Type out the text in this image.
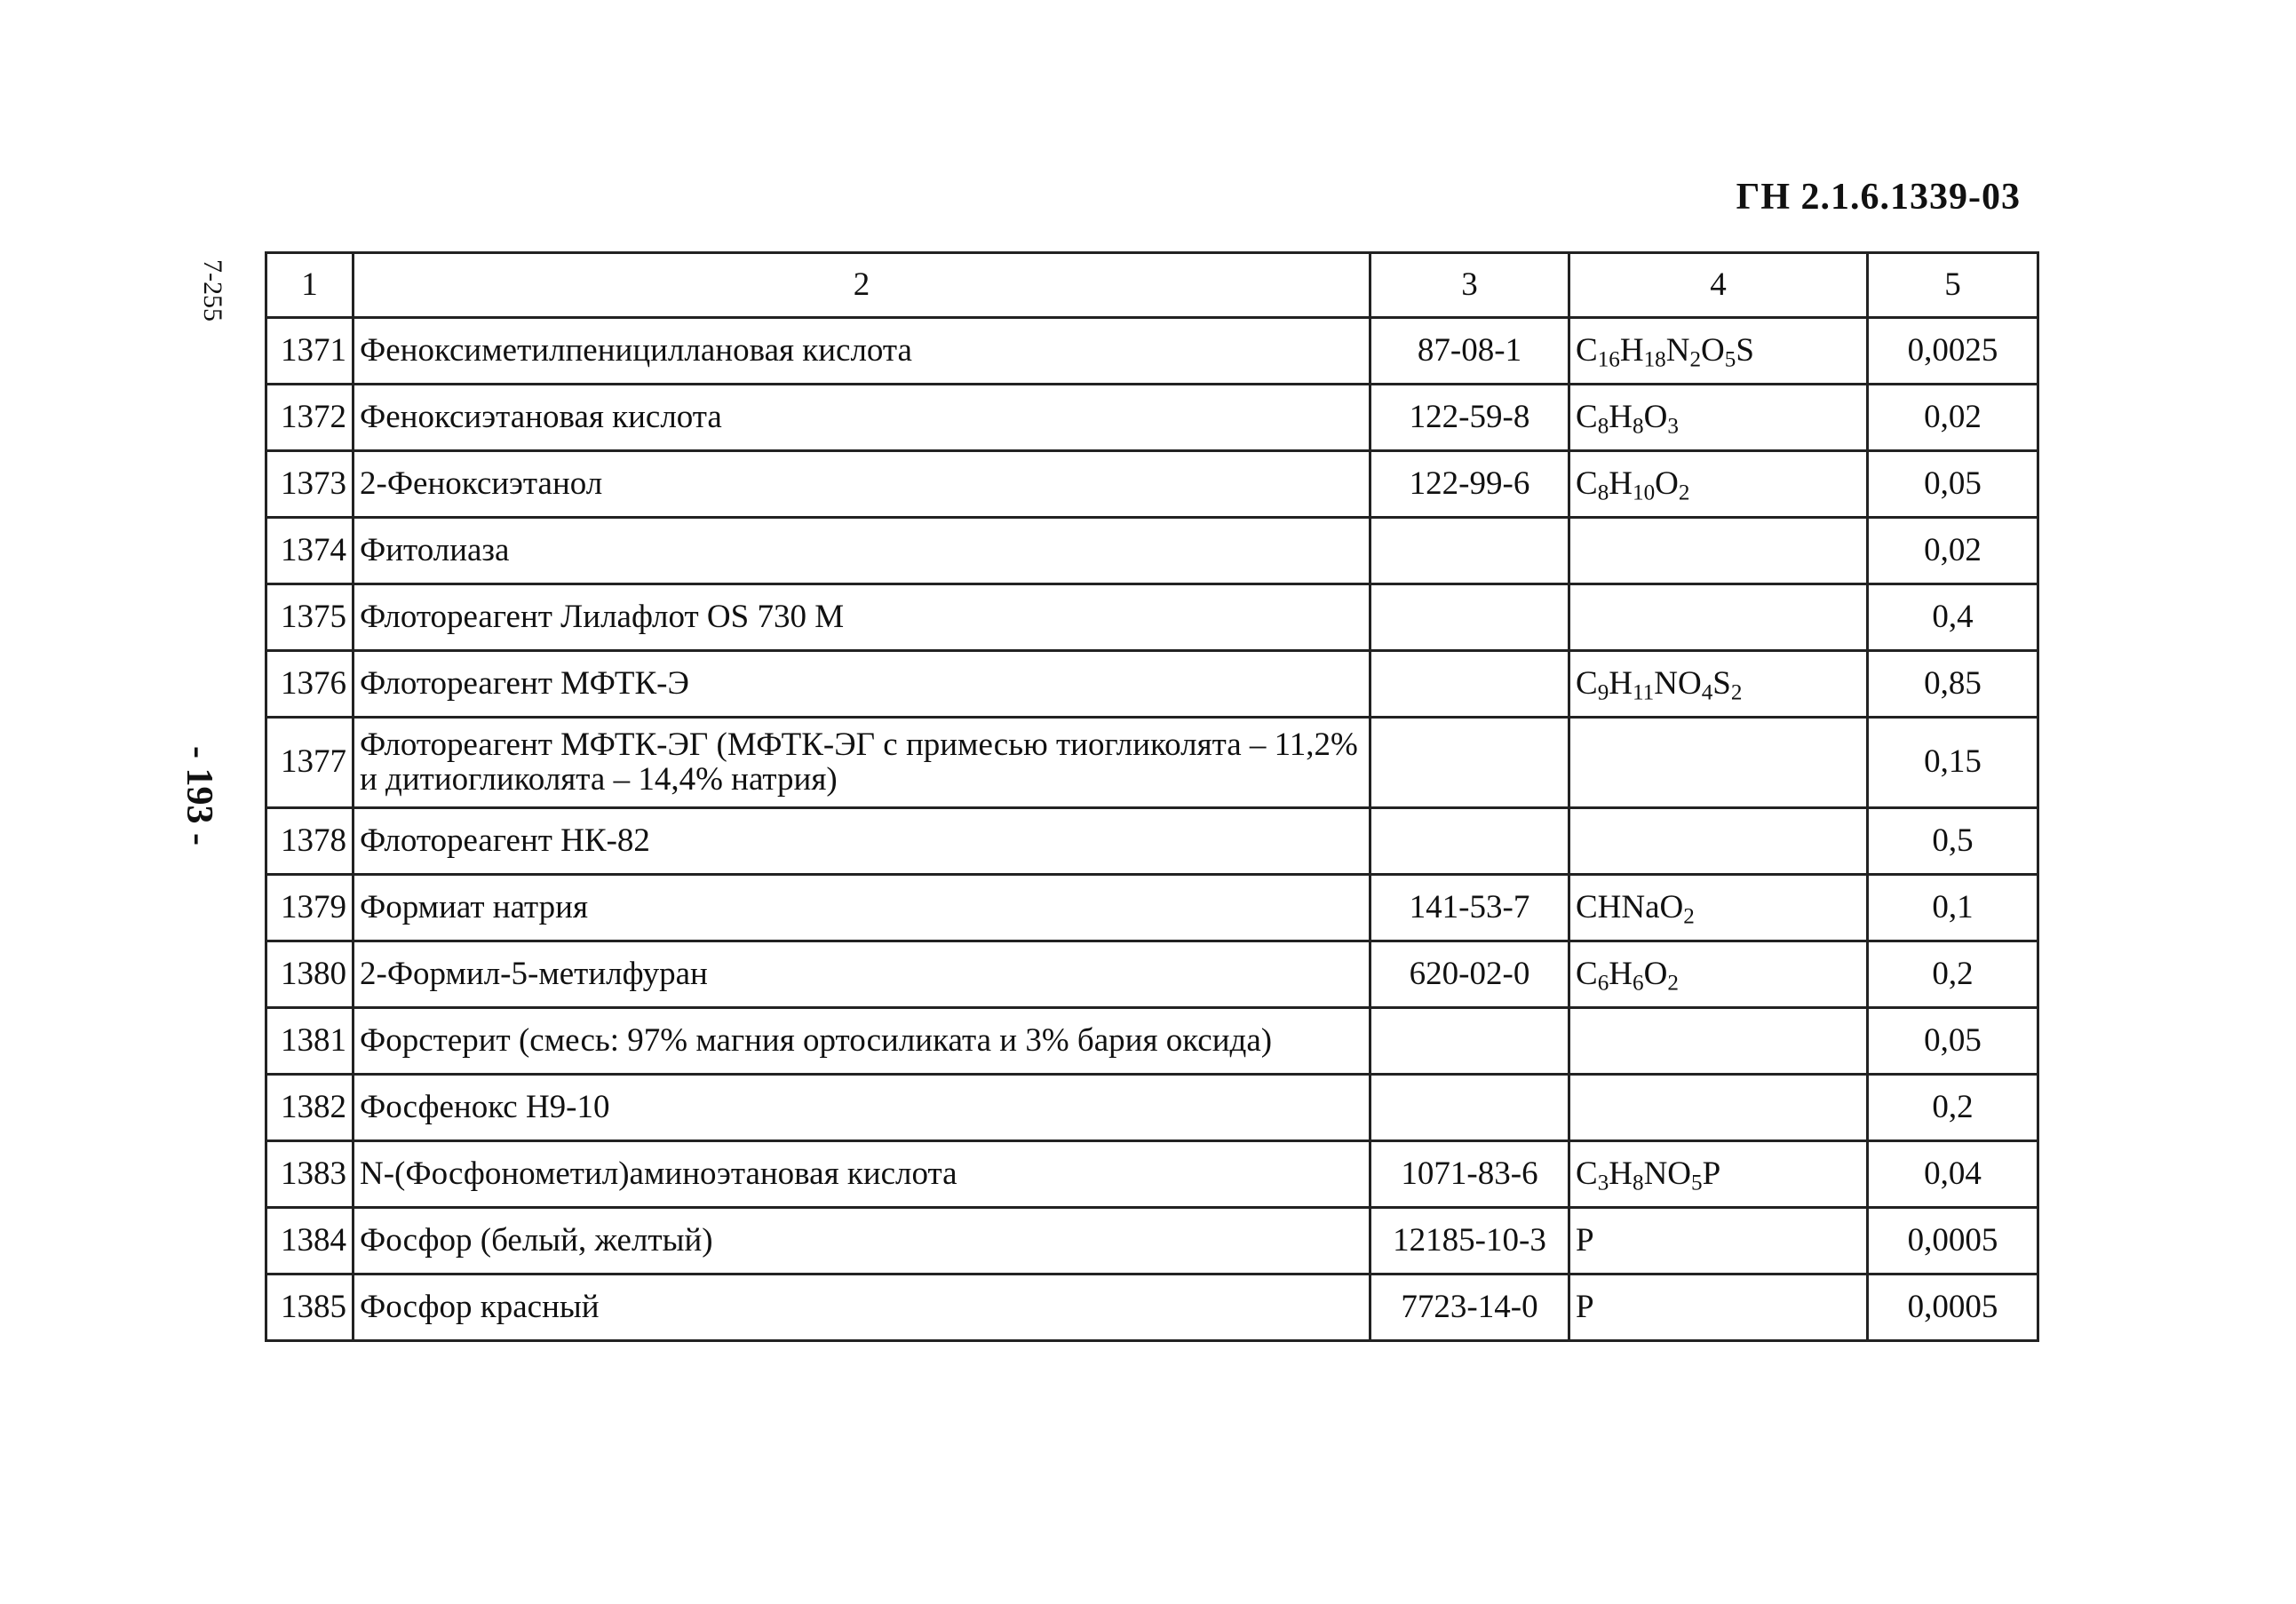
ГН 2.1.6.1339-03
7-255
- 193 -
1	2	3	4	5
1371	Феноксиметилпенициллановая кислота	87-08-1	$C_{16}H_{18}N_2O_5S$	0,0025
1372	Феноксиэтановая кислота	122-59-8	$C_8H_8O_3$	0,02
1373	2-Феноксиэтанол	122-99-6	$C_8H_{10}O_2$	0,05
1374	Фитолиаза			0,02
1375	Флотореагент Лилафлот OS 730 М			0,4
1376	Флотореагент МФТК-Э		$C_9H_{11}NO_4S_2$	0,85
1377	Флотореагент МФТК-ЭГ (МФТК-ЭГ с примесью тиогликолята – 11,2% и дитиогликолята – 14,4% натрия)			0,15
1378	Флотореагент НК-82			0,5
1379	Формиат натрия	141-53-7	CHNaO$_2$	0,1
1380	2-Формил-5-метилфуран	620-02-0	$C_6H_6O_2$	0,2
1381	Форстерит (смесь: 97% магния ортосиликата и 3% бария оксида)			0,05
1382	Фосфенокс Н9-10			0,2
1383	N-(Фосфонометил)аминоэтановая кислота	1071-83-6	$C_3H_8NO_5P$	0,04
1384	Фосфор (белый, желтый)	12185-10-3	P	0,0005
1385	Фосфор красный	7723-14-0	P	0,0005
